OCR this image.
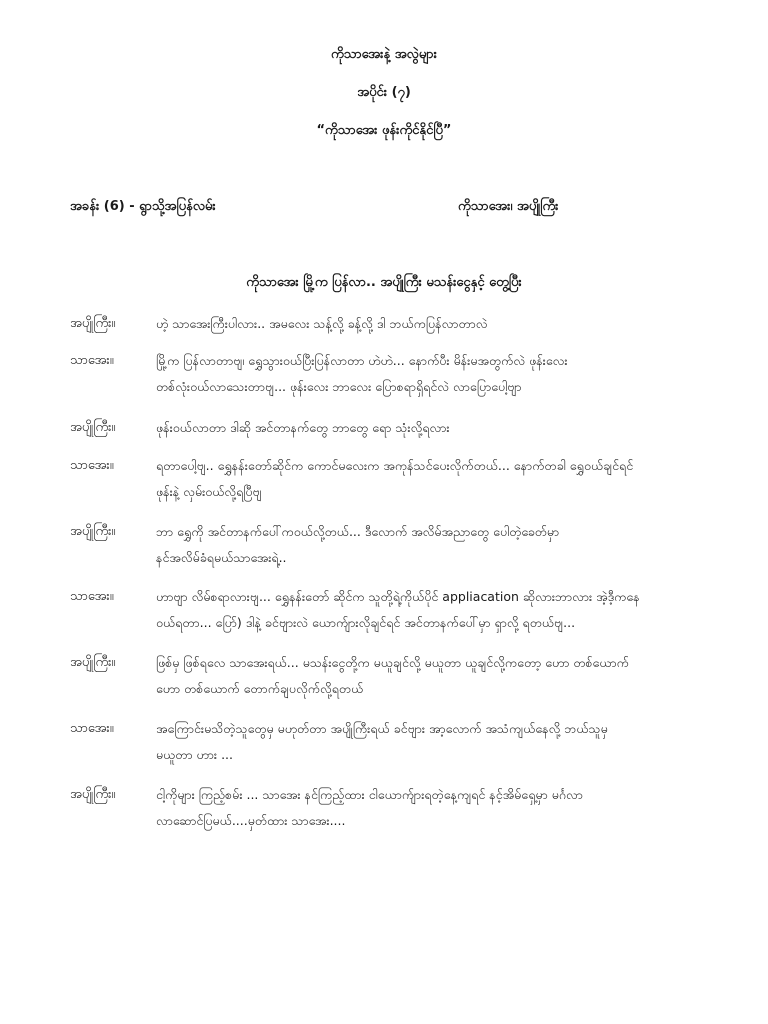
ကိုသာအေးနဲ့ အလွဲများ
အပိုင်း (၇)
“ကိုသာအေး ဖုန်းကိုင်နိုင်ပြီ”
အခန်း (6) - ရွာသို့အပြန်လမ်း	ကိုသာအေး၊ အပျိုကြီး
ကိုသာအေး မြို့က ပြန်လာ.. အပျိုကြီး မသန်းငွေနှင့် တွေ့ပြီး
အပျိုကြီး။	ဟဲ့ သာအေးကြီးပါလား.. အမလေး သန့်လို့ ခန့်လို့ ဒါ ဘယ်ကပြန်လာတာလဲ
သာအေး။	မြို့က ပြန်လာတာဗျ၊ ရွှေသွားဝယ်ပြီးပြန်လာတာ ဟဲဟဲ... နောက်ပီး မိန်းမအတွက်လဲ ဖုန်းလေး
တစ်လုံးဝယ်လာသေးတာဗျ... ဖုန်းလေး ဘာလေး ပြောစရာရှိရင်လဲ လာပြောပေါ့ဗျာ
အပျိုကြီး။	ဖုန်းဝယ်လာတာ ဒါဆို အင်တာနက်တွေ ဘာတွေ ရော သုံးလို့ရလား
သာအေး။	ရတာပေါ့ဗျ.. ရွှေနန်းတော်ဆိုင်က ကောင်မလေးက အကုန်သင်ပေးလိုက်တယ်... နောက်တခါ ရွှေဝယ်ချင်ရင်
ဖုန်းနဲ့ လှမ်းဝယ်လို့ရပြီဗျ
အပျိုကြီး။	ဘာ ရွှေကို အင်တာနက်ပေါ်ကဝယ်လို့တယ်... ဒီလောက် အလိမ်အညာတွေ ပေါတဲ့ခေတ်မှာ
နင်အလိမ်ခံရမယ်သာအေးရဲ့..
သာအေး။	ဟာဗျာ လိမ်စရာလားဗျ... ရွှေနန်းတော် ဆိုင်က သူတို့ရဲ့ကိုယ်ပိုင် appliacation ဆိုလားဘာလား အဲ့ဒီ့ကနေ
ဝယ်ရတာ... ပြော်) ဒါနဲ့ ခင်ဗျားလဲ ယောက်ျားလိုချင်ရင် အင်တာနက်ပေါ်မှာ ရှာလို့ ရတယ်ဗျ...
အပျိုကြီး။	ဖြစ်မှ ဖြစ်ရလေ သာအေးရယ်... မသန်းငွေတို့က မယူချင်လို့ မယူတာ ယူချင်လို့ကတော့ ဟော တစ်ယောက်
ဟော တစ်ယောက် တောက်ချပလိုက်လို့ရတယ်
သာအေး။	အကြောင်းမသိတဲ့သူတွေမှ မဟုတ်တာ အပျိုကြီးရယ် ခင်ဗျား အာ့လောက် အသံကျယ်နေလို့ ဘယ်သူမှ
မယူတာ ဟား ...
အပျိုကြီး။	ငါ့ကိုများ ကြည့်စမ်း ... သာအေး နင်ကြည့်ထား ငါယောက်ျားရတဲ့နေ့ကျရင် နင့်အိမ်ရှေ့မှာ မင်္ဂလာ
လာဆောင်ပြမယ်....မှတ်ထား သာအေး....
